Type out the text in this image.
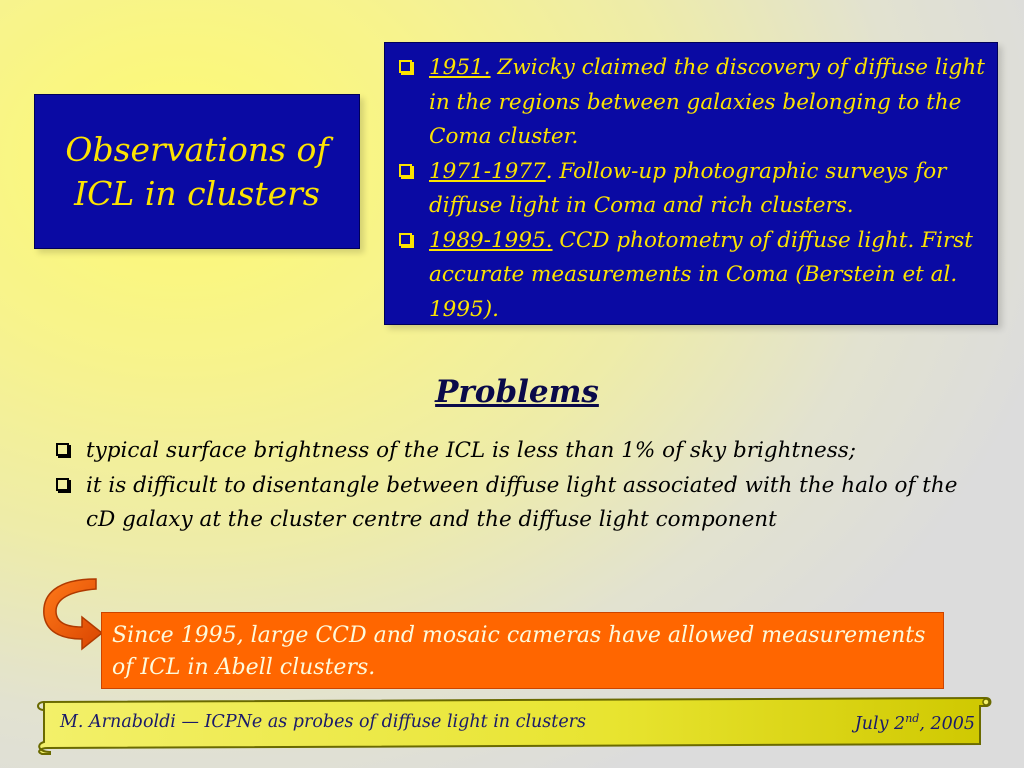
Observations of ICL in clusters
1951. Zwicky claimed the discovery of diffuse light in the regions between galaxies belonging to the Coma cluster.
1971-1977. Follow-up photographic surveys for diffuse light in Coma and rich clusters.
1989-1995. CCD photometry of diffuse light. First accurate measurements in Coma (Berstein et al. 1995).
Problems
typical surface brightness of the ICL is less than 1% of sky brightness;
it is difficult to disentangle between diffuse light associated with the halo of the cD galaxy at the cluster centre and the diffuse light component
Since 1995, large CCD and mosaic cameras have allowed measurements of ICL in Abell clusters.
M. Arnaboldi — ICPNe as probes of diffuse light in clusters	July 2nd, 2005
